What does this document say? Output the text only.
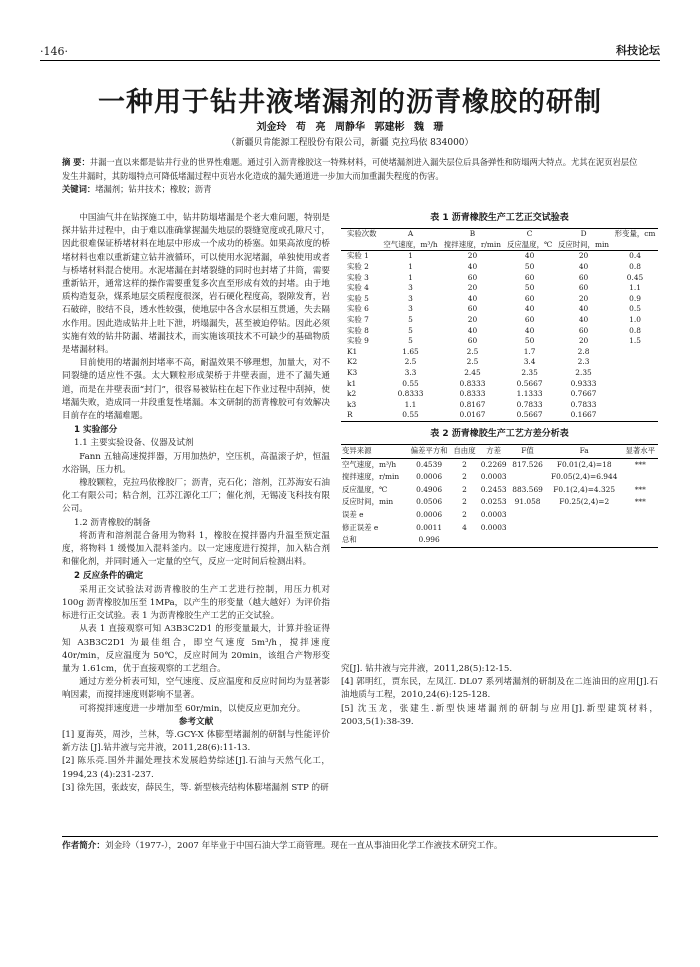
·146·	科技论坛
一种用于钻井液堵漏剂的沥青橡胶的研制
刘金玲 苟 亮 周静华 郭建彬 魏 珊
（新疆贝肯能源工程股份有限公司，新疆 克拉玛依 834000）

摘 要：井漏一直以来都是钻井行业的世界性难题。通过引入沥青橡胶这一特殊材料，可使堵漏剂进入漏失层位后具备弹性和防塌两大特点。尤其在泥页岩层位发生井漏时，其防塌特点可降低堵漏过程中页岩水化造成的漏失通道进一步加大而加重漏失程度的伤害。

关键词：堵漏剂；钻井技术；橡胶；沥青

中国油气井在钻探施工中，钻井防塌堵漏是个老大难问题，特别是探井钻井过程中，由于难以准确掌握漏失地层的裂缝宽度或孔隙尺寸，因此很难保证桥堵材料在地层中形成一个成功的桥塞。如果高浓度的桥堵材料也难以重新建立钻井液循环，可以使用水泥堵漏，单独使用或者与桥堵材料混合使用。水泥堵漏在封堵裂缝的同时也封堵了井筒，需要重新钻开，通常这样的操作需要重复多次直至形成有效的封堵。由于地质构造复杂，煤系地层交质程度很深，岩石硬化程度高，裂隙发育，岩石破碎，胶结不良，透水性较强，使地层中各含水层相互贯通，失去隔水作用。因此造成钻井上吐下泄，坍塌漏失，甚至被迫停钻。因此必须实施有效的钻井防漏、堵漏技术，而实施该项技术不可缺少的基础物质是堵漏材料。

目前使用的堵漏剂封堵率不高，耐温效果不够理想，加量大，对不同裂缝的适应性不强。太大颗粒形成架桥于井壁表面，进不了漏失通道，而是在井壁表面“封门”，很容易被钻柱在起下作业过程中刮掉，使堵漏失败，造成同一井段重复性堵漏。本文研制的沥青橡胶可有效解决目前存在的堵漏难题。

1 实验部分

1.1 主要实验设备、仪器及试剂

Fann 五轴高速搅拌器，万用加热炉，空压机，高温滚子炉，恒温水浴锅，压力机。

橡胶颗粒，克拉玛依橡胶厂；沥青，克石化；溶剂，江苏海安石油化工有限公司；粘合剂，江苏江源化工厂；催化剂，无锡凌飞科技有限公司。

1.2 沥青橡胶的制备

将沥青和溶剂混合备用为物料 1，橡胶在搅拌器内升温至预定温度，将物料 1 缓慢加入混料釜内。以一定速度进行搅拌，加入粘合剂和催化剂，并同时通入一定量的空气，反应一定时间后检测出料。

2 反应条件的确定

采用正交试验法对沥青橡胶的生产工艺进行控制，用压力机对 100g 沥青橡胶加压至 1MPa，以产生的形变量（越大越好）为评价指标进行正交试验。表 1 为沥青橡胶生产工艺的正交试验。

从表 1 直接观察可知 A3B3C2D1 的形变量最大，计算并验证得知 A3B3C2D1 为最佳组合，即空气速度 5m³/h，搅拌速度 40r/min，反应温度为 50℃，反应时间为 20min，该组合产物形变量为 1.61cm，优于直接观察的工艺组合。

通过方差分析表可知，空气速度、反应温度和反应时间均为显著影响因素，而搅拌速度则影响不显著。

可将搅拌速度进一步增加至 60r/min，以使反应更加充分。

参考文献

[1] 夏海英，周沙，兰林，等.GCY-X 体膨型堵漏剂的研制与性能评价新方法 [J].钻井液与完井液，2011,28(6):11-13.

[2] 陈乐亮.国外井漏处理技术发展趋势综述[J].石油与天然气化工，1994,23 (4):231-237.

[3] 徐先国，张歧安，薛民生，等. 新型核壳结构体膨堵漏剂 STP 的研

表 1 沥青橡胶生产工艺正交试验表
实验次数	A	B	C	D	形变量，cm
	空气速度，m³/h	搅拌速度，r/min	反应温度，℃	反应时间，min	
实验 1	1	20	40	20	0.4
实验 2	1	40	50	40	0.8
实验 3	1	60	60	60	0.45
实验 4	3	20	50	60	1.1
实验 5	3	40	60	20	0.9
实验 6	3	60	40	40	0.5
实验 7	5	20	60	40	1.0
实验 8	5	40	40	60	0.8
实验 9	5	60	50	20	1.5
K1	1.65	2.5	1.7	2.8	
K2	2.5	2.5	3.4	2.3	
K3	3.3	2.45	2.35	2.35	
k1	0.55	0.8333	0.5667	0.9333	
k2	0.8333	0.8333	1.1333	0.7667	
k3	1.1	0.8167	0.7833	0.7833	
R	0.55	0.0167	0.5667	0.1667	
表 2 沥青橡胶生产工艺方差分析表
变异来源	偏差平方和	自由度	方差	F值	Fa	显著水平
空气速度，m³/h	0.4539	2	0.2269	817.526	F0.01(2,4)=18	***
搅拌速度，r/min	0.0006	2	0.0003		F0.05(2,4)=6.944	
反应温度，℃	0.4906	2	0.2453	883.569	F0.1(2,4)=4.325	***
反应时间，min	0.0506	2	0.0253	91.058	F0.25(2,4)=2	***
误差 e	0.0006	2	0.0003			
修正误差 e	0.0011	4	0.0003			
总和	0.996					

究[J]. 钻井液与完井液，2011,28(5):12-15.

[4] 郭明红，贾东民，左凤江. DL07 系列堵漏剂的研制及在二连油田的应用[J].石油地质与工程，2010,24(6):125-128.

[5] 沈玉龙，张建生.新型快速堵漏剂的研制与应用[J].新型建筑材料，2003,5(1):38-39.

作者简介：刘金玲（1977-），2007 年毕业于中国石油大学工商管理。现在一直从事油田化学工作液技术研究工作。
